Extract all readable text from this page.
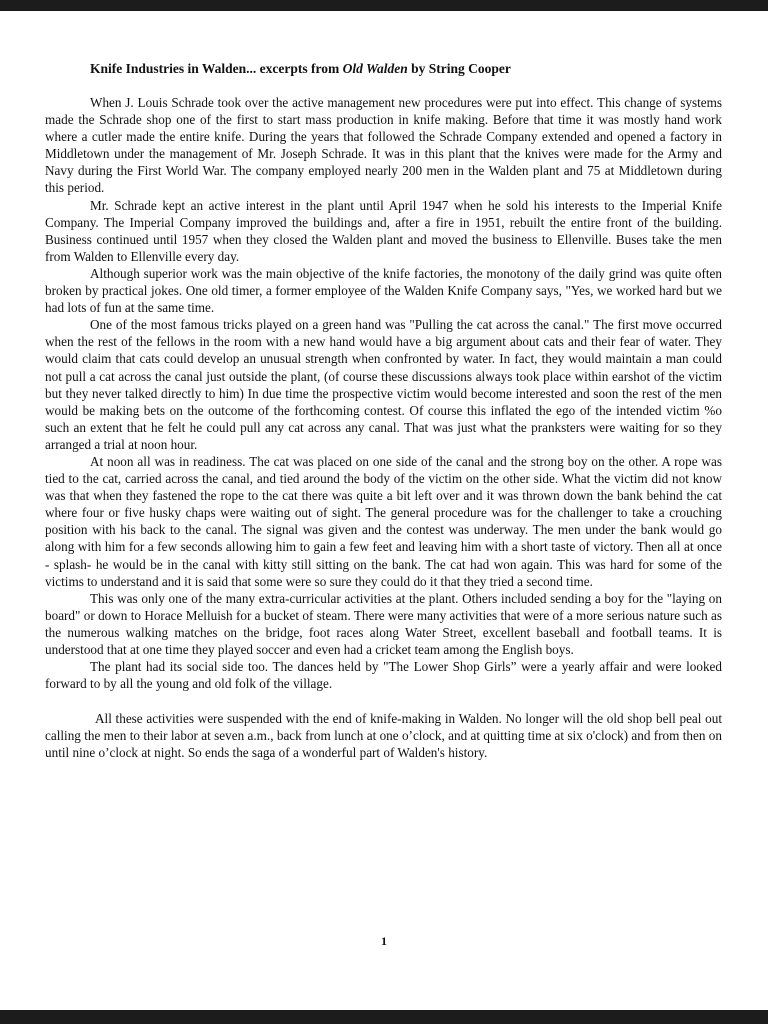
Knife Industries in Walden... excerpts from Old Walden by String Cooper

When J. Louis Schrade took over the active management new procedures were put into effect. This change of systems made the Schrade shop one of the first to start mass production in knife making. Before that time it was mostly hand work where a cutler made the entire knife. During the years that followed the Schrade Company extended and opened a factory in Middletown under the management of Mr. Joseph Schrade. It was in this plant that the knives were made for the Army and Navy during the First World War. The company employed nearly 200 men in the Walden plant and 75 at Middletown during this period.

Mr. Schrade kept an active interest in the plant until April 1947 when he sold his interests to the Imperial Knife Company. The Imperial Company improved the buildings and, after a fire in 1951, rebuilt the entire front of the building. Business continued until 1957 when they closed the Walden plant and moved the business to Ellenville. Buses take the men from Walden to Ellenville every day.

Although superior work was the main objective of the knife factories, the monotony of the daily grind was quite often broken by practical jokes. One old timer, a former employee of the Walden Knife Company says, "Yes, we worked hard but we had lots of fun at the same time.

One of the most famous tricks played on a green hand was "Pulling the cat across the canal." The first move occurred when the rest of the fellows in the room with a new hand would have a big argument about cats and their fear of water. They would claim that cats could develop an unusual strength when confronted by water. In fact, they would maintain a man could not pull a cat across the canal just outside the plant, (of course these discussions always took place within earshot of the victim but they never talked directly to him) In due time the prospective victim would become interested and soon the rest of the men would be making bets on the outcome of the forthcoming contest. Of course this inflated the ego of the intended victim %o such an extent that he felt he could pull any cat across any canal. That was just what the pranksters were waiting for so they arranged a trial at noon hour.

At noon all was in readiness. The cat was placed on one side of the canal and the strong boy on the other. A rope was tied to the cat, carried across the canal, and tied around the body of the victim on the other side. What the victim did not know was that when they fastened the rope to the cat there was quite a bit left over and it was thrown down the bank behind the cat where four or five husky chaps were waiting out of sight. The general procedure was for the challenger to take a crouching position with his back to the canal. The signal was given and the contest was underway. The men under the bank would go along with him for a few seconds allowing him to gain a few feet and leaving him with a short taste of victory. Then all at once - splash- he would be in the canal with kitty still sitting on the bank. The cat had won again. This was hard for some of the victims to understand and it is said that some were so sure they could do it that they tried a second time.

This was only one of the many extra-curricular activities at the plant. Others included sending a boy for the "laying on board" or down to Horace Melluish for a bucket of steam. There were many activities that were of a more serious nature such as the numerous walking matches on the bridge, foot races along Water Street, excellent baseball and football teams. It is understood that at one time they played soccer and even had a cricket team among the English boys.

The plant had its social side too. The dances held by "The Lower Shop Girls” were a yearly affair and were looked forward to by all the young and old folk of the village.

All these activities were suspended with the end of knife-making in Walden. No longer will the old shop bell peal out calling the men to their labor at seven a.m., back from lunch at one o’clock, and at quitting time at six o'clock) and from then on until nine o’clock at night. So ends the saga of a wonderful part of Walden's history.

1
